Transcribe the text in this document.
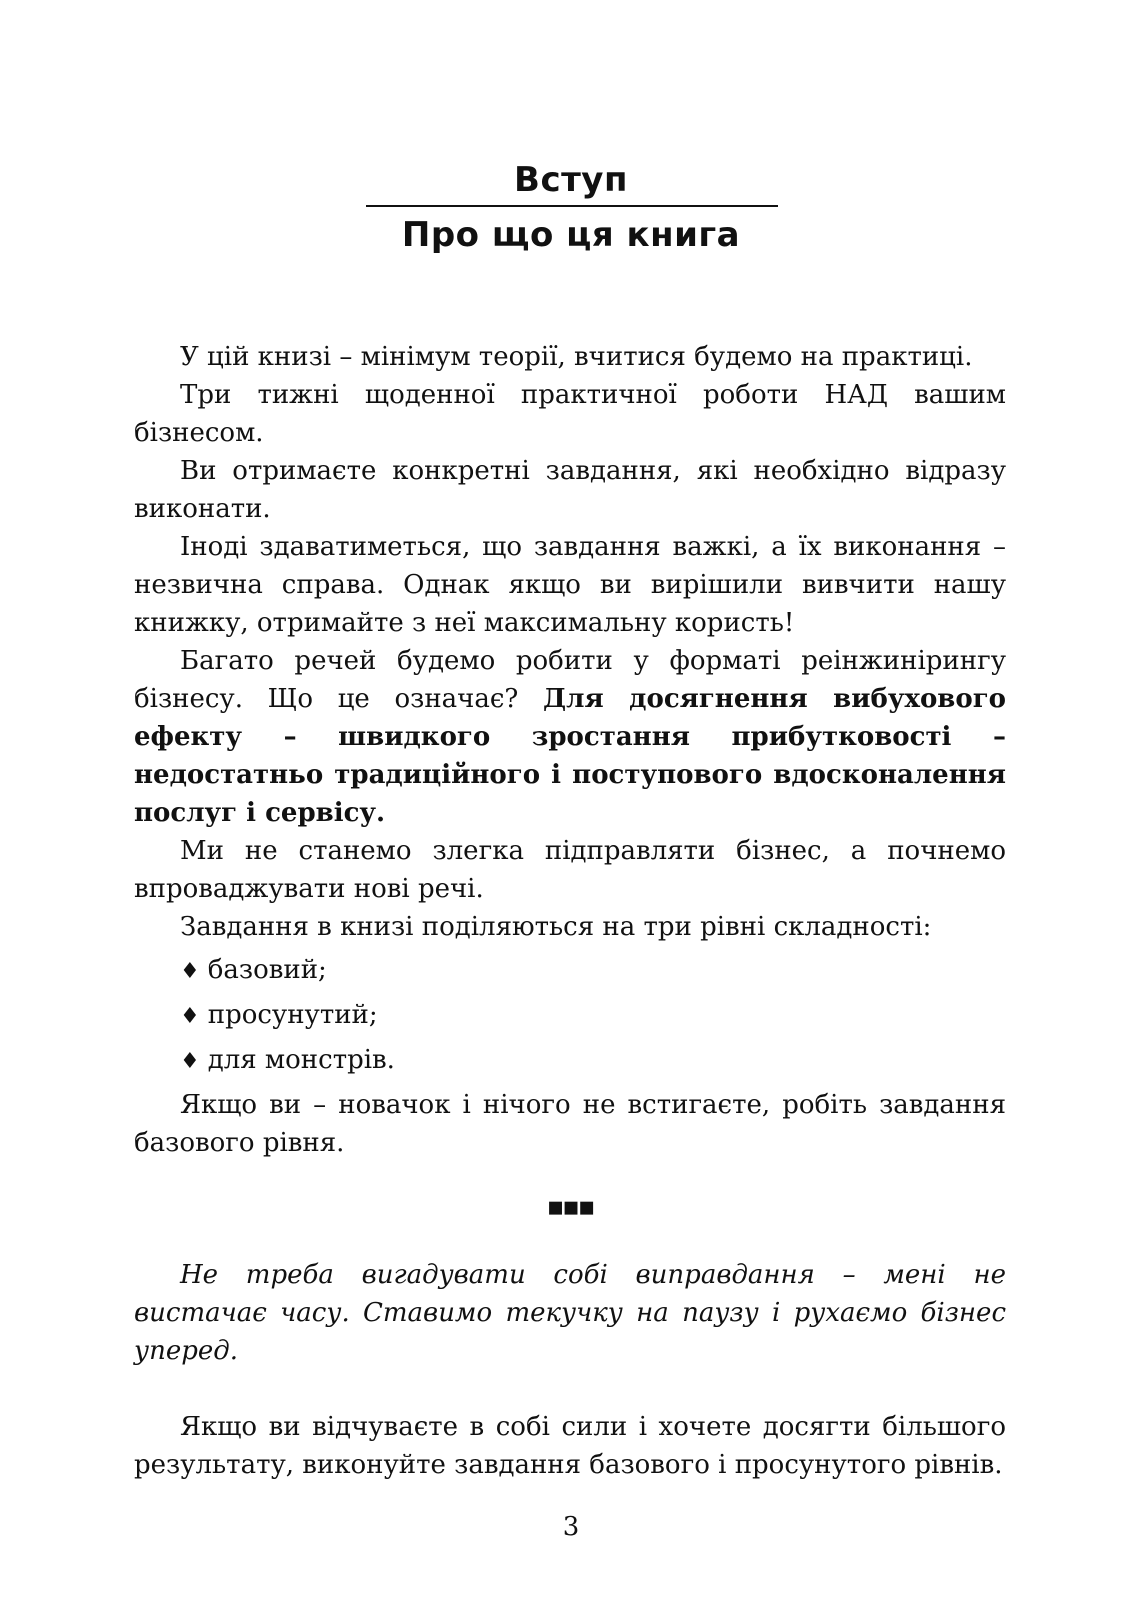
Вступ
Про що ця книга

У цій книзі – мінімум теорії, вчитися будемо на практиці.

Три тижні щоденної практичної роботи НАД вашим бізнесом.

Ви отримаєте конкретні завдання, які необхідно відразу виконати.

Іноді здаватиметься, що завдання важкі, а їх виконання – незвична справа. Однак якщо ви вирішили вивчити нашу книжку, отримайте з неї максимальну користь!

Багато речей будемо робити у форматі реінжинірингу бізнесу. Що це означає? Для досягнення вибухового ефекту – швидкого зростання прибутковості – недостатньо традиційного і поступового вдосконалення послуг і сервісу.

Ми не станемо злегка підправляти бізнес, а почнемо впроваджувати нові речі.

Завдання в книзі поділяються на три рівні складності:

♦ базовий;

♦ просунутий;

♦ для монстрів.

Якщо ви – новачок і нічого не встигаєте, робіть завдання базового рівня.

▪▪▪

Не треба вигадувати собі виправдання – мені не вистачає часу. Ставимо текучку на паузу і рухаємо бізнес уперед.

Якщо ви відчуваєте в собі сили і хочете досягти більшого результату, виконуйте завдання базового і просунутого рівнів.

3
